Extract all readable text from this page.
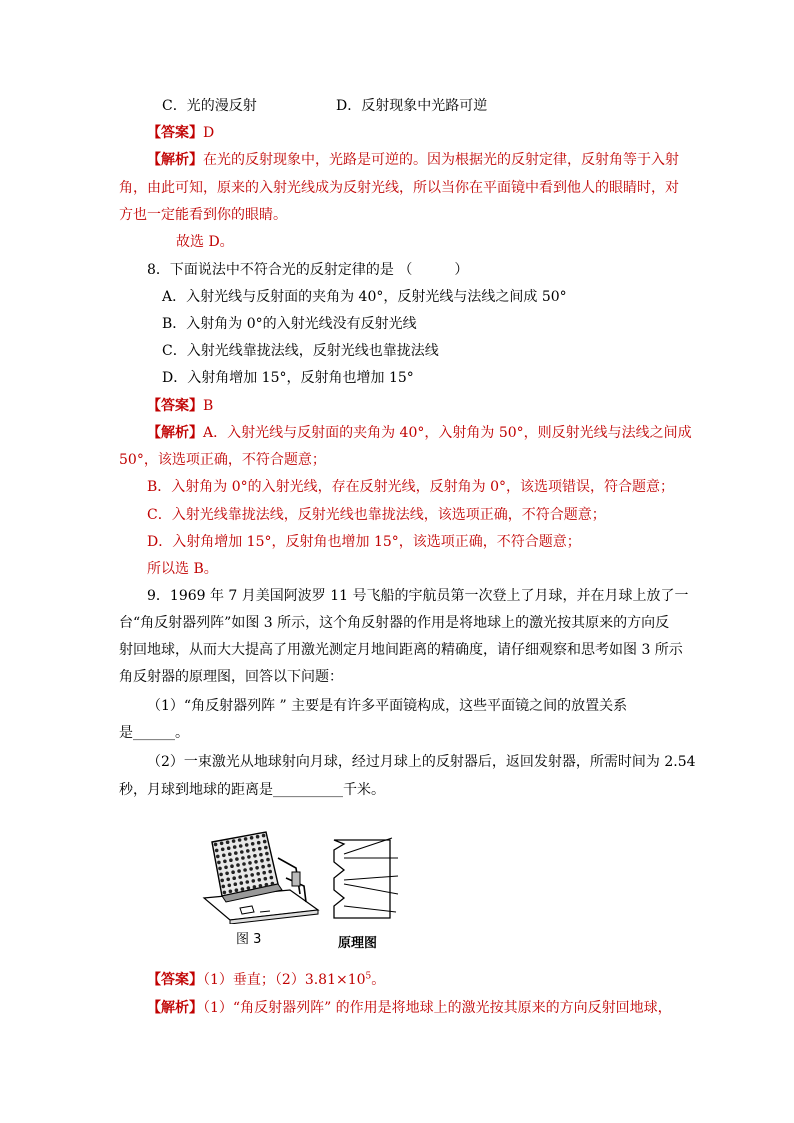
C．光的漫反射	D．反射现象中光路可逆
【答案】D
【解析】在光的反射现象中，光路是可逆的。因为根据光的反射定律，反射角等于入射
角，由此可知，原来的入射光线成为反射光线，所以当你在平面镜中看到他人的眼睛时，对
方也一定能看到你的眼睛。
故选 D。
8．下面说法中不符合光的反射定律的是 （　　　）
A．入射光线与反射面的夹角为 40°，反射光线与法线之间成 50°
B．入射角为 0°的入射光线没有反射光线
C．入射光线靠拢法线，反射光线也靠拢法线
D．入射角增加 15°，反射角也增加 15°
【答案】B
【解析】A．入射光线与反射面的夹角为 40°，入射角为 50°，则反射光线与法线之间成
50°，该选项正确，不符合题意；
B．入射角为 0°的入射光线，存在反射光线，反射角为 0°，该选项错误，符合题意；
C．入射光线靠拢法线，反射光线也靠拢法线，该选项正确，不符合题意；
D．入射角增加 15°，反射角也增加 15°，该选项正确，不符合题意；
所以选 B。
9．1969 年 7 月美国阿波罗 11 号飞船的宇航员第一次登上了月球，并在月球上放了一
台“角反射器列阵”如图 3 所示，这个角反射器的作用是将地球上的激光按其原来的方向反
射回地球，从而大大提高了用激光测定月地间距离的精确度，请仔细观察和思考如图 3 所示
角反射器的原理图，回答以下问题：
（1）“角反射器列阵 ” 主要是有许多平面镜构成，这些平面镜之间的放置关系
是______。
（2）一束激光从地球射向月球，经过月球上的反射器后，返回发射器，所需时间为 2.54
秒，月球到地球的距离是__________千米。
图 3	原理图
【答案】（1）垂直；$(2)3.81\times 10^5$。
【解析】（1）“角反射器列阵” 的作用是将地球上的激光按其原来的方向反射回地球，
